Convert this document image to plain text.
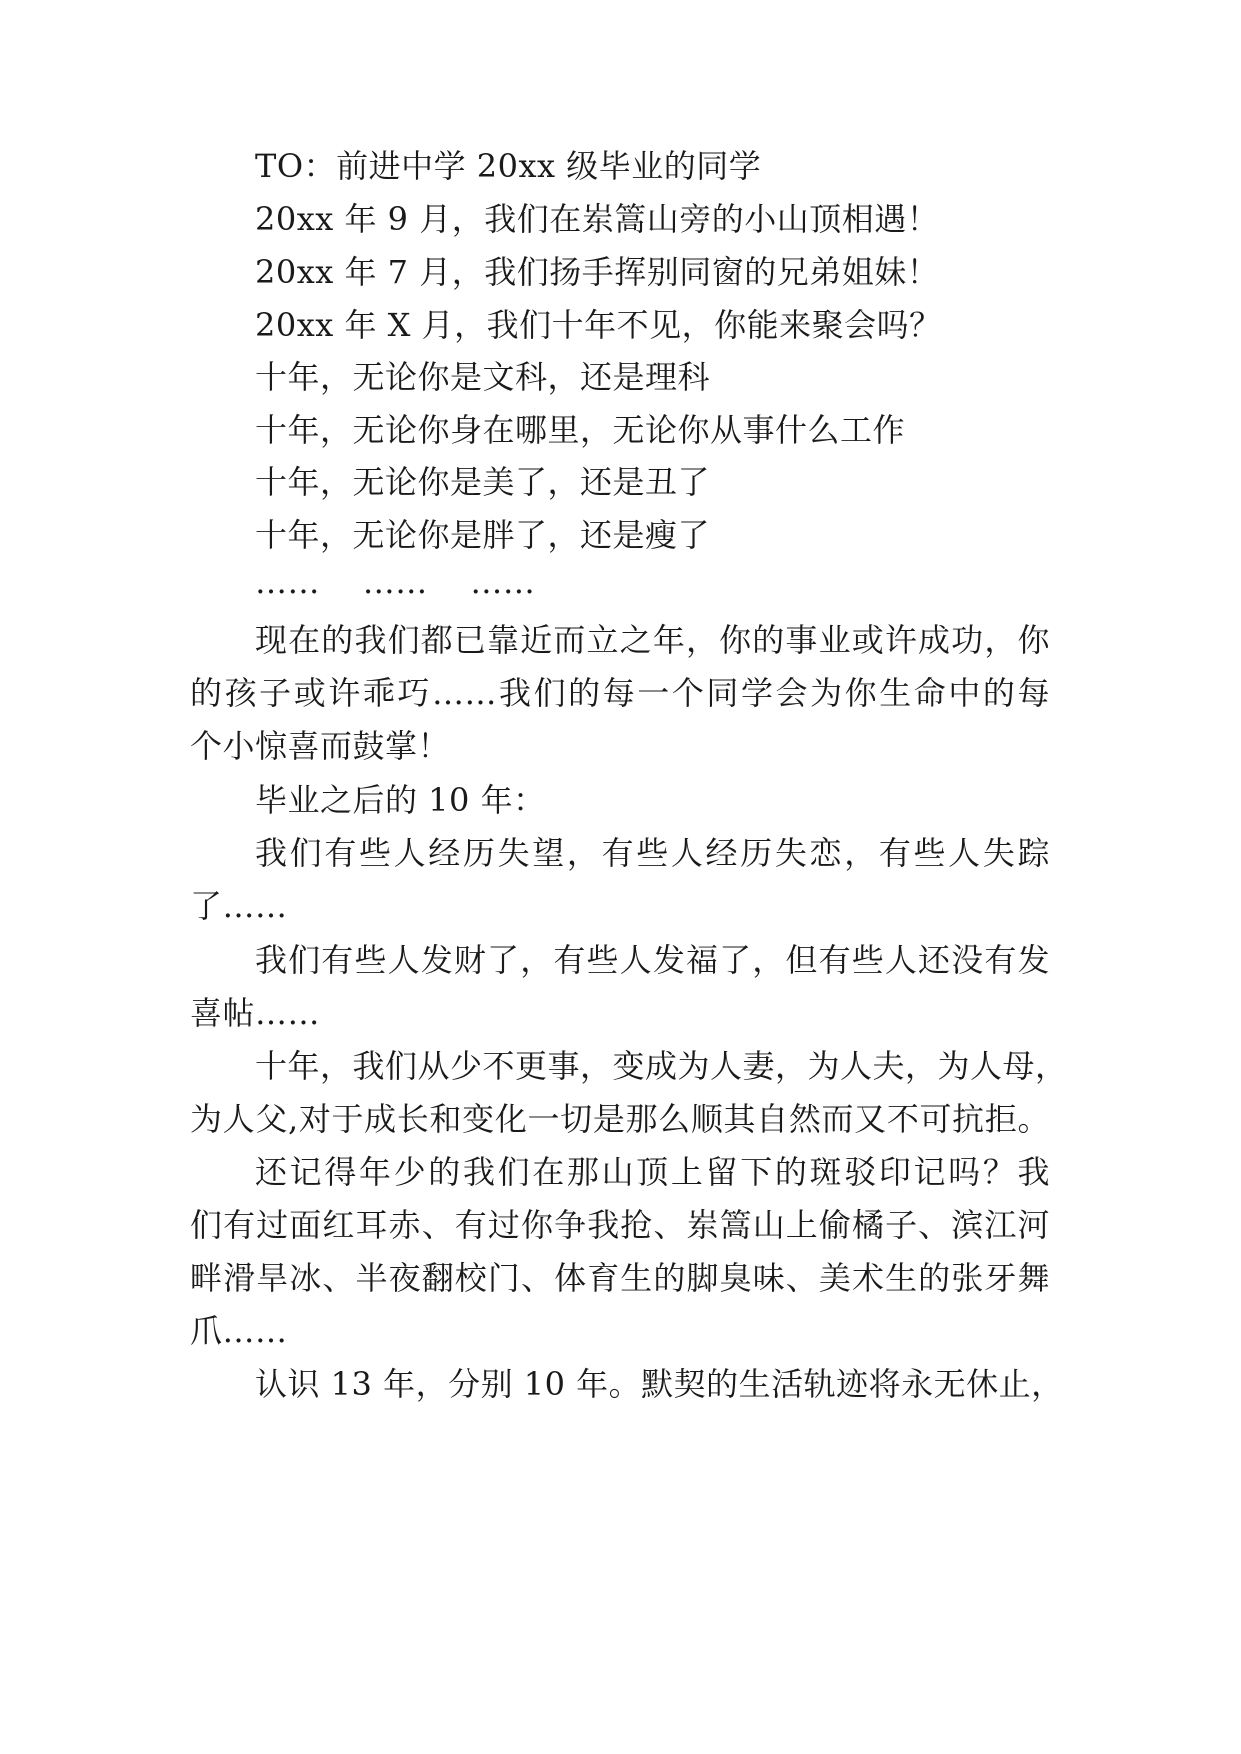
TO：前进中学 20xx 级毕业的同学
20xx 年 9 月，我们在岽篙山旁的小山顶相遇！
20xx 年 7 月，我们扬手挥别同窗的兄弟姐妹！
20xx 年 X 月，我们十年不见，你能来聚会吗？
十年，无论你是文科，还是理科
十年，无论你身在哪里，无论你从事什么工作
十年，无论你是美了，还是丑了
十年，无论你是胖了，还是瘦了
……    ……    ……
现在的我们都已靠近而立之年，你的事业或许成功，你
的孩子或许乖巧……我们的每一个同学会为你生命中的每
个小惊喜而鼓掌！
毕业之后的 10 年：
我们有些人经历失望，有些人经历失恋，有些人失踪
了……
我们有些人发财了，有些人发福了，但有些人还没有发
喜帖……
十年，我们从少不更事，变成为人妻，为人夫，为人母，
为人父,对于成长和变化一切是那么顺其自然而又不可抗拒。
还记得年少的我们在那山顶上留下的斑驳印记吗？我
们有过面红耳赤、有过你争我抢、岽篙山上偷橘子、滨江河
畔滑旱冰、半夜翻校门、体育生的脚臭味、美术生的张牙舞
爪……
认识 13 年，分别 10 年。默契的生活轨迹将永无休止，
